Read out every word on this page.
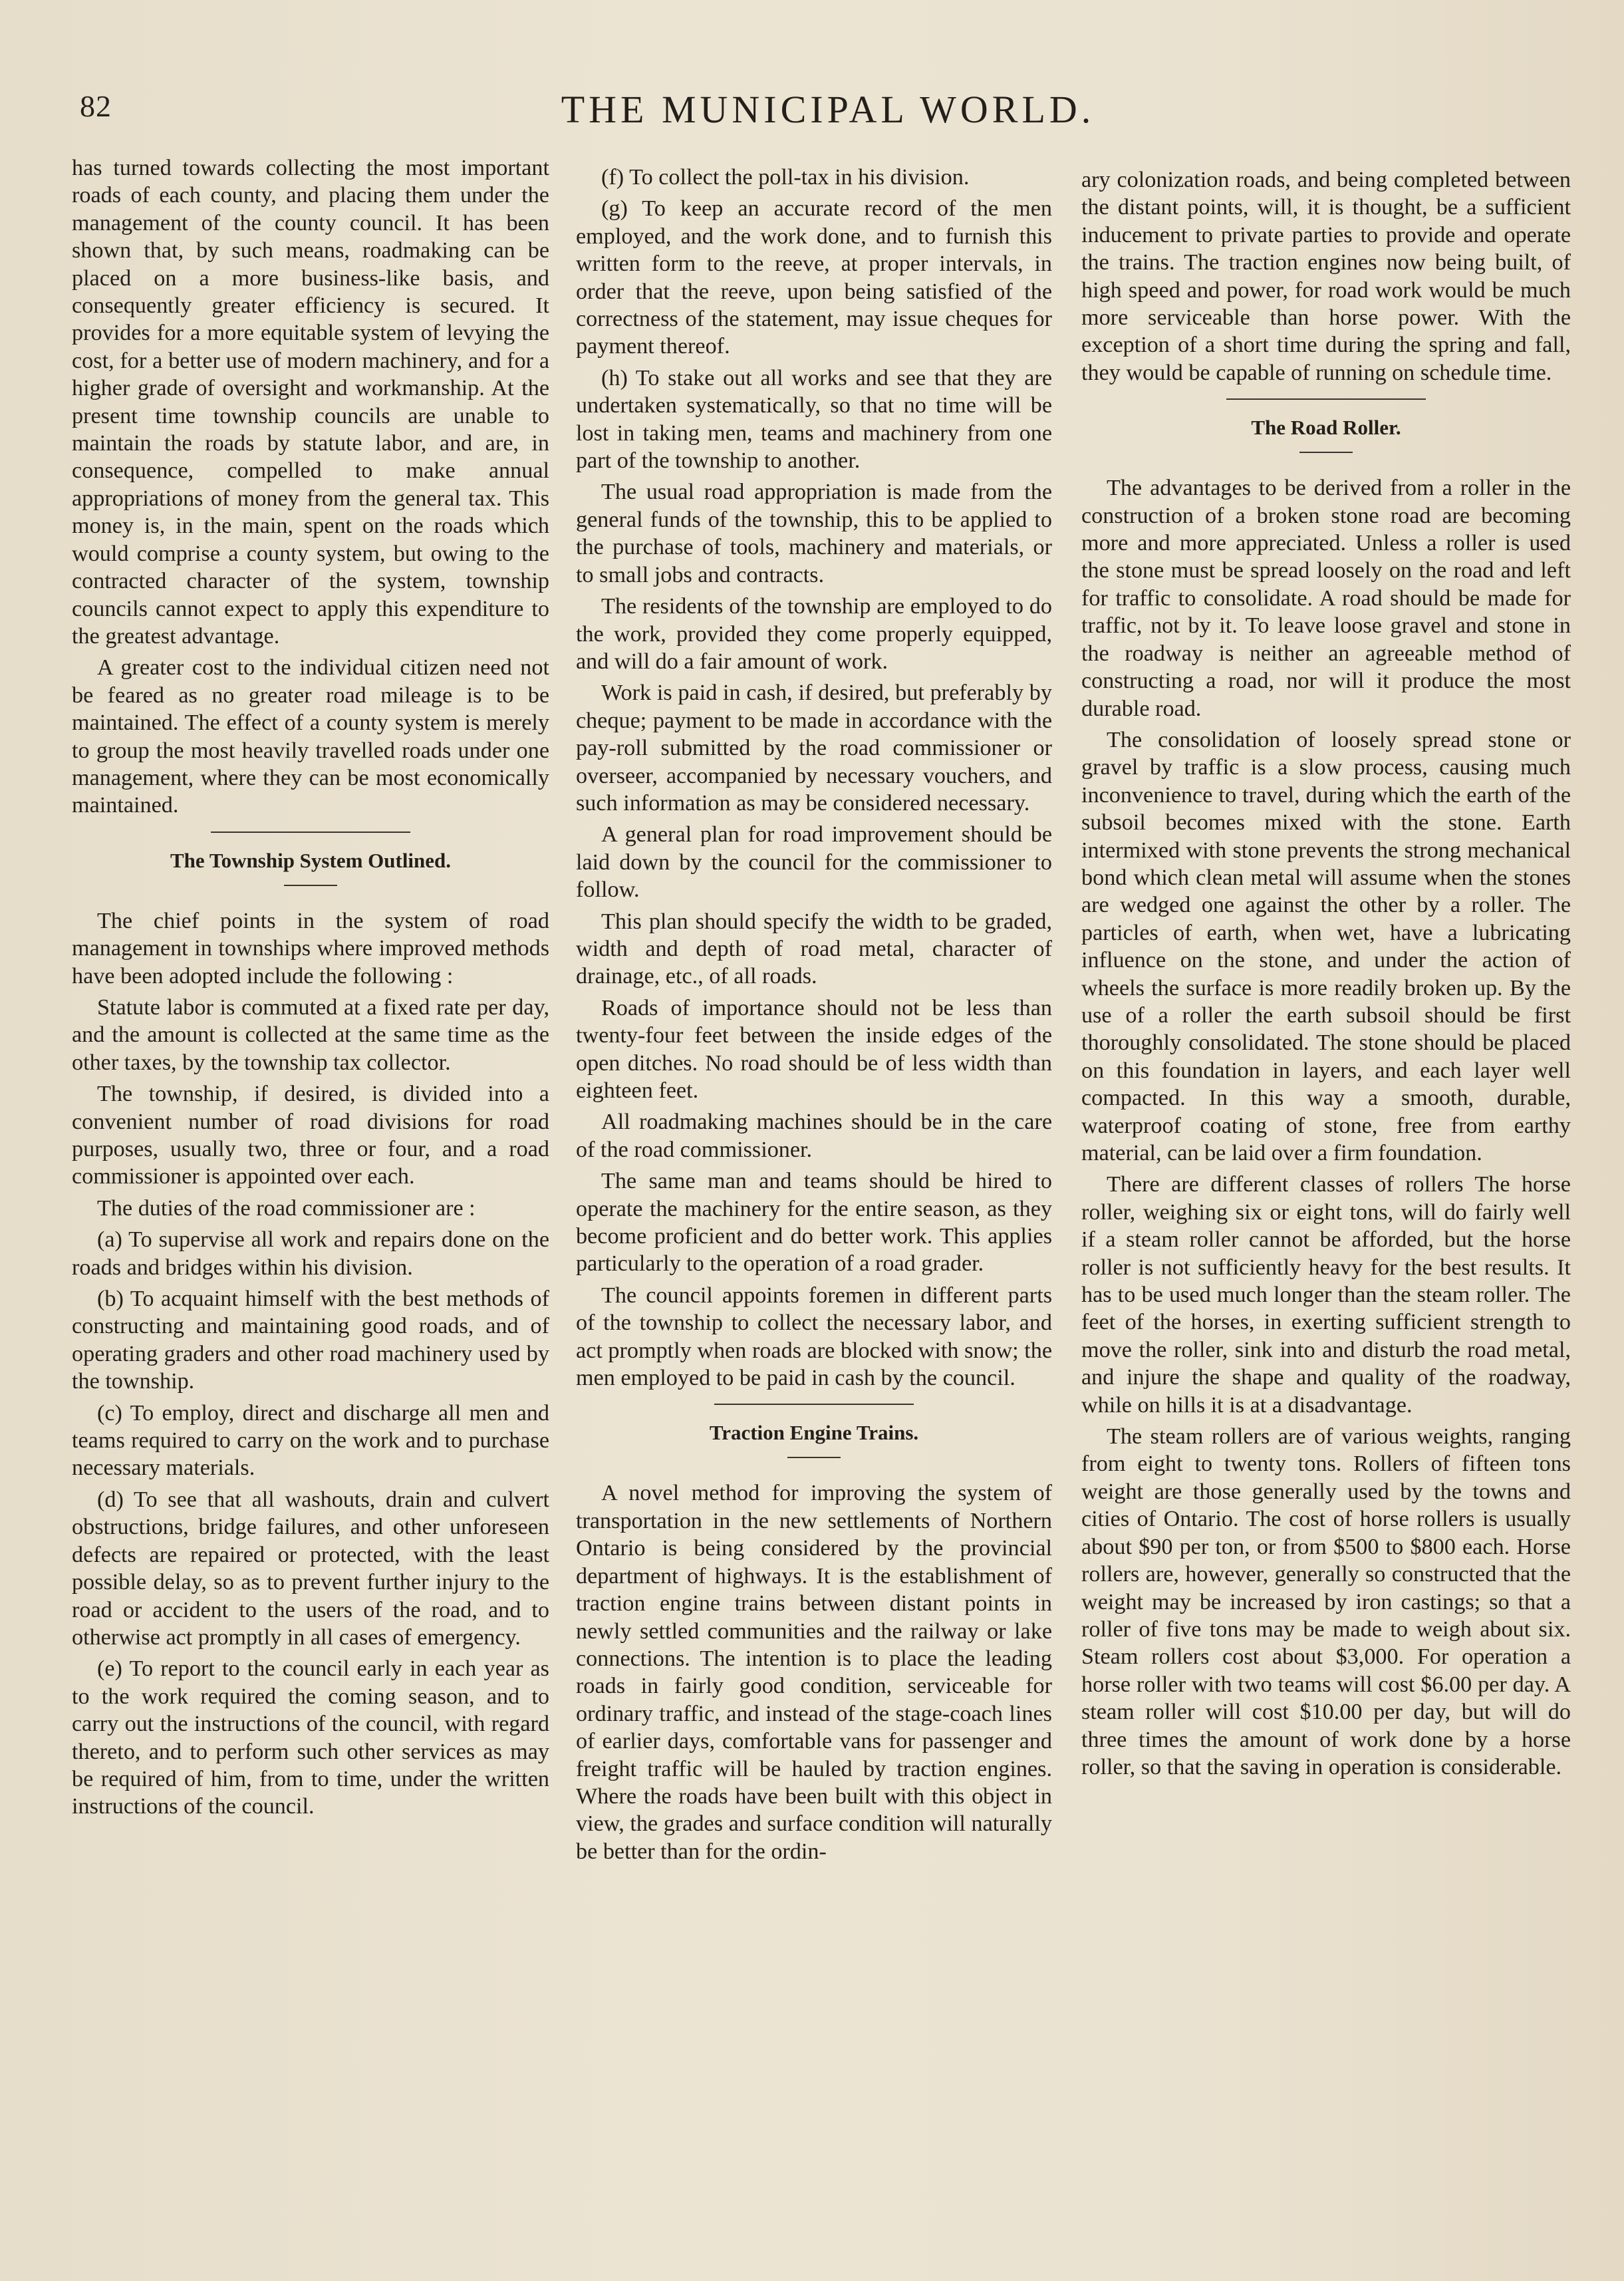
82	THE MUNICIPAL WORLD.

has turned towards collecting the most important roads of each county, and placing them under the management of the county council. It has been shown that, by such means, roadmaking can be placed on a more business-like basis, and consequently greater efficiency is secured. It provides for a more equitable system of levying the cost, for a better use of modern machinery, and for a higher grade of oversight and workmanship. At the present time township councils are unable to maintain the roads by statute labor, and are, in consequence, compelled to make annual appropriations of money from the general tax. This money is, in the main, spent on the roads which would comprise a county system, but owing to the contracted character of the system, township councils cannot expect to apply this expenditure to the greatest advantage.

A greater cost to the individual citizen need not be feared as no greater road mileage is to be maintained. The effect of a county system is merely to group the most heavily travelled roads under one management, where they can be most economically maintained.

The Township System Outlined.

The chief points in the system of road management in townships where improved methods have been adopted include the following :

Statute labor is commuted at a fixed rate per day, and the amount is collected at the same time as the other taxes, by the township tax collector.

The township, if desired, is divided into a convenient number of road divisions for road purposes, usually two, three or four, and a road commissioner is appointed over each.

The duties of the road commissioner are :

(a) To supervise all work and repairs done on the roads and bridges within his division.

(b) To acquaint himself with the best methods of constructing and maintaining good roads, and of operating graders and other road machinery used by the township.

(c) To employ, direct and discharge all men and teams required to carry on the work and to purchase necessary materials.

(d) To see that all washouts, drain and culvert obstructions, bridge failures, and other unforeseen defects are repaired or protected, with the least possible delay, so as to prevent further injury to the road or accident to the users of the road, and to otherwise act promptly in all cases of emergency.

(e) To report to the council early in each year as to the work required the coming season, and to carry out the instructions of the council, with regard thereto, and to perform such other services as may be required of him, from to time, under the written instructions of the council.

(f) To collect the poll-tax in his division.

(g) To keep an accurate record of the men employed, and the work done, and to furnish this written form to the reeve, at proper intervals, in order that the reeve, upon being satisfied of the correctness of the statement, may issue cheques for payment thereof.

(h) To stake out all works and see that they are undertaken systematically, so that no time will be lost in taking men, teams and machinery from one part of the township to another.

The usual road appropriation is made from the general funds of the township, this to be applied to the purchase of tools, machinery and materials, or to small jobs and contracts.

The residents of the township are employed to do the work, provided they come properly equipped, and will do a fair amount of work.

Work is paid in cash, if desired, but preferably by cheque; payment to be made in accordance with the pay-roll submitted by the road commissioner or overseer, accompanied by necessary vouchers, and such information as may be considered necessary.

A general plan for road improvement should be laid down by the council for the commissioner to follow.

This plan should specify the width to be graded, width and depth of road metal, character of drainage, etc., of all roads.

Roads of importance should not be less than twenty-four feet between the inside edges of the open ditches. No road should be of less width than eighteen feet.

All roadmaking machines should be in the care of the road commissioner.

The same man and teams should be hired to operate the machinery for the entire season, as they become proficient and do better work. This applies particularly to the operation of a road grader.

The council appoints foremen in different parts of the township to collect the necessary labor, and act promptly when roads are blocked with snow; the men employed to be paid in cash by the council.

Traction Engine Trains.

A novel method for improving the system of transportation in the new settlements of Northern Ontario is being considered by the provincial department of highways. It is the establishment of traction engine trains between distant points in newly settled communities and the railway or lake connections. The intention is to place the leading roads in fairly good condition, serviceable for ordinary traffic, and instead of the stage-coach lines of earlier days, comfortable vans for passenger and freight traffic will be hauled by traction engines. Where the roads have been built with this object in view, the grades and surface condition will naturally be better than for the ordin-

ary colonization roads, and being completed between the distant points, will, it is thought, be a sufficient inducement to private parties to provide and operate the trains. The traction engines now being built, of high speed and power, for road work would be much more serviceable than horse power. With the exception of a short time during the spring and fall, they would be capable of running on schedule time.

The Road Roller.

The advantages to be derived from a roller in the construction of a broken stone road are becoming more and more appreciated. Unless a roller is used the stone must be spread loosely on the road and left for traffic to consolidate. A road should be made for traffic, not by it. To leave loose gravel and stone in the roadway is neither an agreeable method of constructing a road, nor will it produce the most durable road.

The consolidation of loosely spread stone or gravel by traffic is a slow process, causing much inconvenience to travel, during which the earth of the subsoil becomes mixed with the stone. Earth intermixed with stone prevents the strong mechanical bond which clean metal will assume when the stones are wedged one against the other by a roller. The particles of earth, when wet, have a lubricating influence on the stone, and under the action of wheels the surface is more readily broken up. By the use of a roller the earth subsoil should be first thoroughly consolidated. The stone should be placed on this foundation in layers, and each layer well compacted. In this way a smooth, durable, waterproof coating of stone, free from earthy material, can be laid over a firm foundation.

There are different classes of rollers The horse roller, weighing six or eight tons, will do fairly well if a steam roller cannot be afforded, but the horse roller is not sufficiently heavy for the best results. It has to be used much longer than the steam roller. The feet of the horses, in exerting sufficient strength to move the roller, sink into and disturb the road metal, and injure the shape and quality of the roadway, while on hills it is at a disadvantage.

The steam rollers are of various weights, ranging from eight to twenty tons. Rollers of fifteen tons weight are those generally used by the towns and cities of Ontario. The cost of horse rollers is usually about $90 per ton, or from $500 to $800 each. Horse rollers are, however, generally so constructed that the weight may be increased by iron castings; so that a roller of five tons may be made to weigh about six. Steam rollers cost about $3,000. For operation a horse roller with two teams will cost $6.00 per day. A steam roller will cost $10.00 per day, but will do three times the amount of work done by a horse roller, so that the saving in operation is considerable.
